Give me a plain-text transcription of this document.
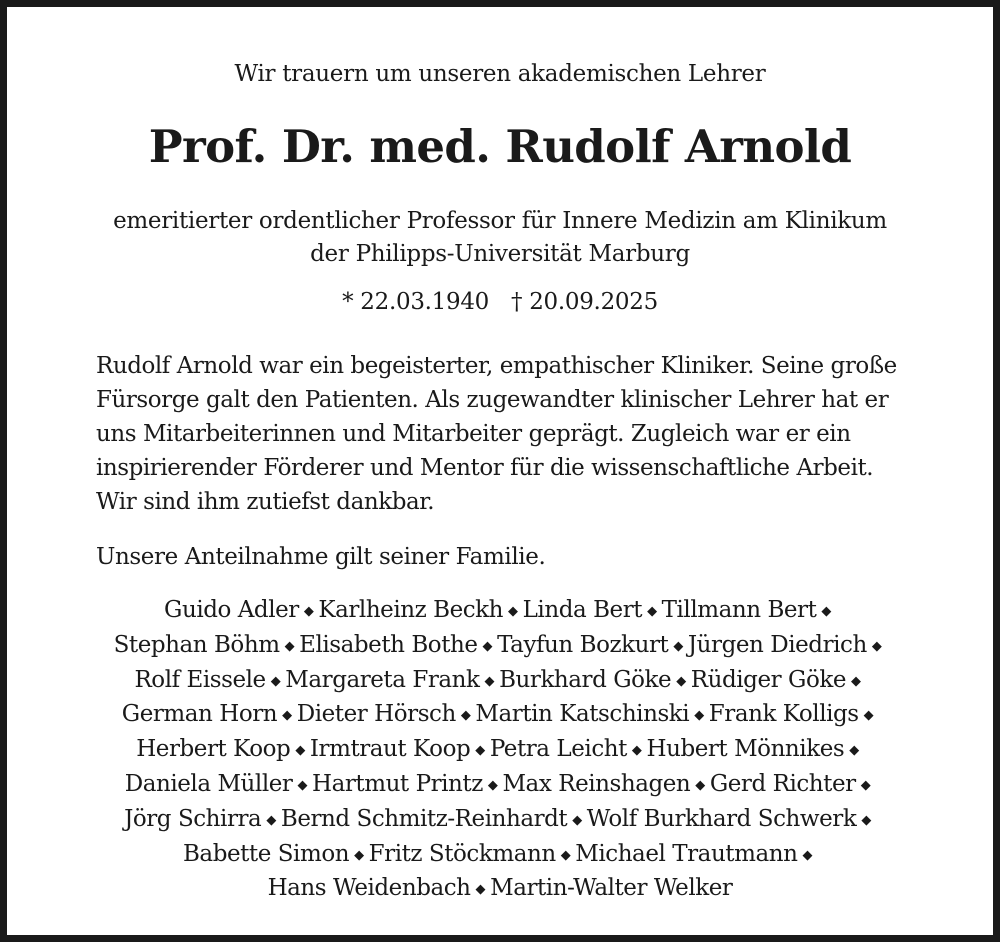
Wir trauern um unseren akademischen Lehrer
Prof. Dr. med. Rudolf Arnold
emeritierter ordentlicher Professor für Innere Medizin am Klinikum
der Philipps-Universität Marburg
* 22.03.1940 † 20.09.2025
Rudolf Arnold war ein begeisterter, empathischer Kliniker. Seine große
Fürsorge galt den Patienten. Als zugewandter klinischer Lehrer hat er
uns Mitarbeiterinnen und Mitarbeiter geprägt. Zugleich war er ein
inspirierender Förderer und Mentor für die wissenschaftliche Arbeit.
Wir sind ihm zutiefst dankbar.
Unsere Anteilnahme gilt seiner Familie.
Guido Adler ◆ Karlheinz Beckh ◆ Linda Bert ◆ Tillmann Bert ◆
Stephan Böhm ◆ Elisabeth Bothe ◆ Tayfun Bozkurt ◆ Jürgen Diedrich ◆
Rolf Eissele ◆ Margareta Frank ◆ Burkhard Göke ◆ Rüdiger Göke ◆
German Horn ◆ Dieter Hörsch ◆ Martin Katschinski ◆ Frank Kolligs ◆
Herbert Koop ◆ Irmtraut Koop ◆ Petra Leicht ◆ Hubert Mönnikes ◆
Daniela Müller ◆ Hartmut Printz ◆ Max Reinshagen ◆ Gerd Richter ◆
Jörg Schirra ◆ Bernd Schmitz-Reinhardt ◆ Wolf Burkhard Schwerk ◆
Babette Simon ◆ Fritz Stöckmann ◆ Michael Trautmann ◆
Hans Weidenbach ◆ Martin-Walter Welker
